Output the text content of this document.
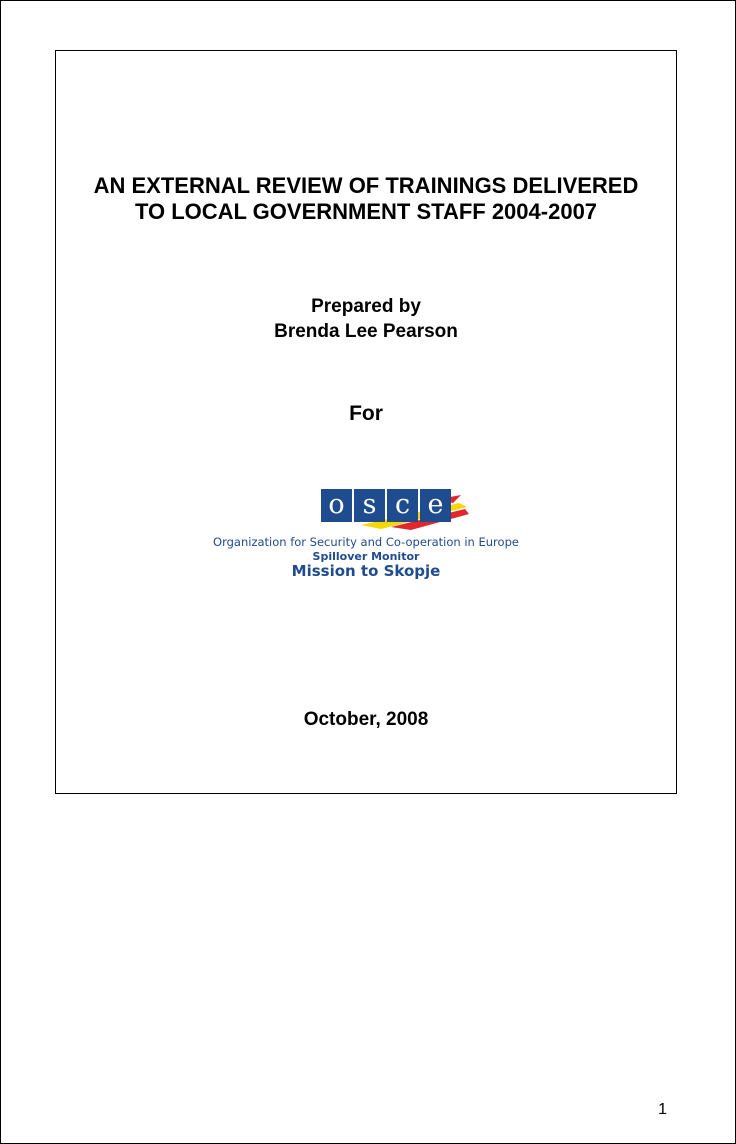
AN EXTERNAL REVIEW OF TRAININGS DELIVERED
TO LOCAL GOVERNMENT STAFF 2004-2007
Prepared by
Brenda Lee Pearson
For
o s c e
Organization for Security and Co-operation in Europe
Spillover Monitor
Mission to Skopje
October, 2008
1
